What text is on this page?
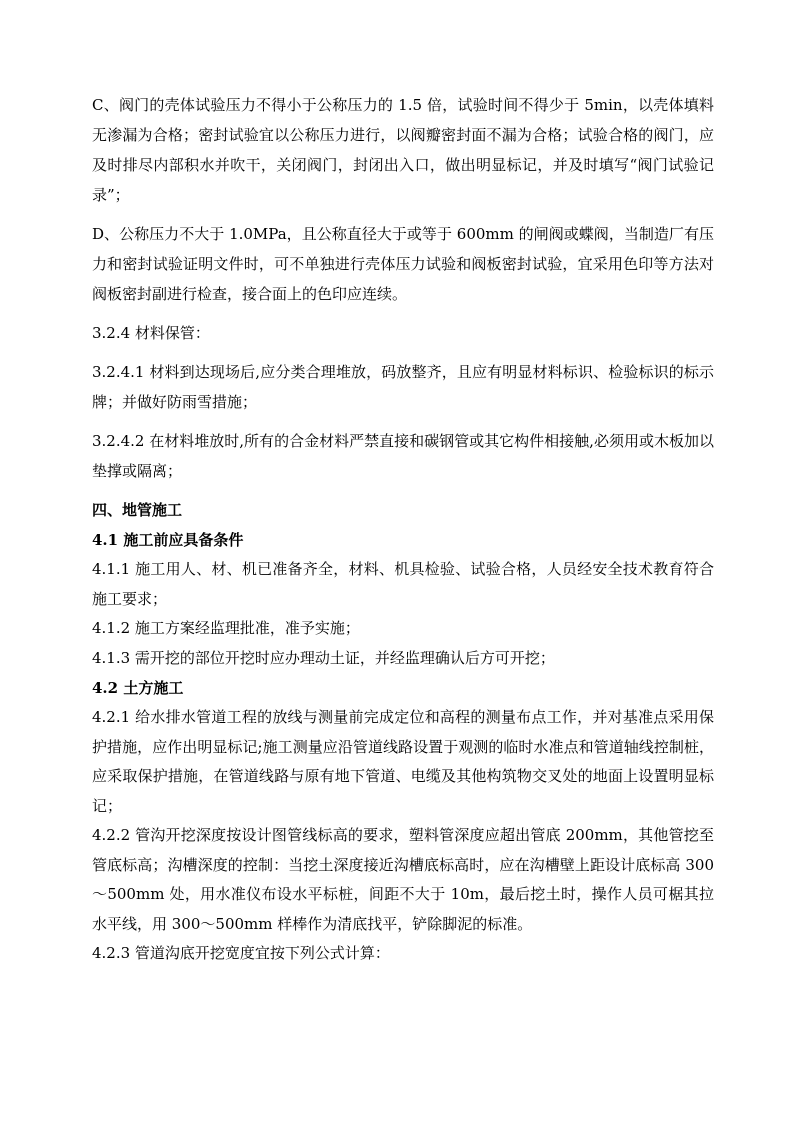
C、阀门的壳体试验压力不得小于公称压力的 1.5 倍，试验时间不得少于 5min，以壳体填料无渗漏为合格；密封试验宜以公称压力进行，以阀瓣密封面不漏为合格；试验合格的阀门，应及时排尽内部积水并吹干，关闭阀门，封闭出入口，做出明显标记，并及时填写“阀门试验记录”；

D、公称压力不大于 1.0MPa，且公称直径大于或等于 600mm 的闸阀或蝶阀，当制造厂有压力和密封试验证明文件时，可不单独进行壳体压力试验和阀板密封试验，宜采用色印等方法对阀板密封副进行检查，接合面上的色印应连续。

3.2.4 材料保管：

3.2.4.1 材料到达现场后,应分类合理堆放，码放整齐，且应有明显材料标识、检验标识的标示牌；并做好防雨雪措施；

3.2.4.2 在材料堆放时,所有的合金材料严禁直接和碳钢管或其它构件相接触,必须用或木板加以垫撑或隔离；

四、地管施工

4.1 施工前应具备条件

4.1.1 施工用人、材、机已准备齐全，材料、机具检验、试验合格，人员经安全技术教育符合施工要求；

4.1.2 施工方案经监理批准，准予实施；

4.1.3 需开挖的部位开挖时应办理动土证，并经监理确认后方可开挖；

4.2 土方施工

4.2.1 给水排水管道工程的放线与测量前完成定位和高程的测量布点工作，并对基准点采用保护措施，应作出明显标记;施工测量应沿管道线路设置于观测的临时水准点和管道轴线控制桩，应采取保护措施，在管道线路与原有地下管道、电缆及其他构筑物交叉处的地面上设置明显标记；

4.2.2 管沟开挖深度按设计图管线标高的要求，塑料管深度应超出管底 200mm，其他管挖至管底标高；沟槽深度的控制：当挖土深度接近沟槽底标高时，应在沟槽壁上距设计底标高 300～500mm 处，用水准仪布设水平标桩，间距不大于 10m，最后挖土时，操作人员可椐其拉水平线，用 300～500mm 样棒作为清底找平，铲除脚泥的标准。

4.2.3 管道沟底开挖宽度宜按下列公式计算：
